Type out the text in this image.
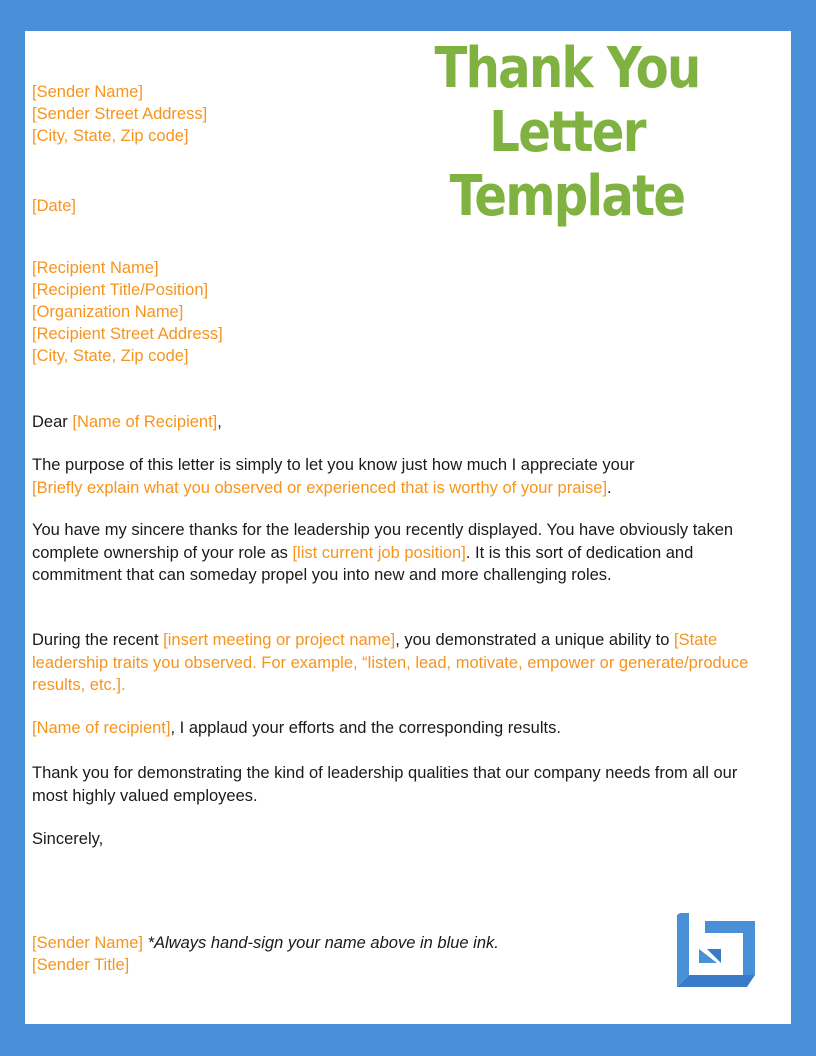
Thank You
Letter Template
[Sender Name]
[Sender Street Address]
[City, State, Zip code]
[Date]
[Recipient Name]
[Recipient Title/Position]
[Organization Name]
[Recipient Street Address]
[City, State, Zip code]
Dear [Name of Recipient],
The purpose of this letter is simply to let you know just how much I appreciate your
[Briefly explain what you observed or experienced that is worthy of your praise].
You have my sincere thanks for the leadership you recently displayed. You have obviously taken complete ownership of your role as [list current job position]. It is this sort of dedication and commitment that can someday propel you into new and more challenging roles.
During the recent [insert meeting or project name], you demonstrated a unique ability to [State leadership traits you observed. For example, “listen, lead, motivate, empower or generate/produce results, etc.].
[Name of recipient], I applaud your efforts and the corresponding results.
Thank you for demonstrating the kind of leadership qualities that our company needs from all our most highly valued employees.
Sincerely,
[Sender Name] *Always hand-sign your name above in blue ink.
[Sender Title]
